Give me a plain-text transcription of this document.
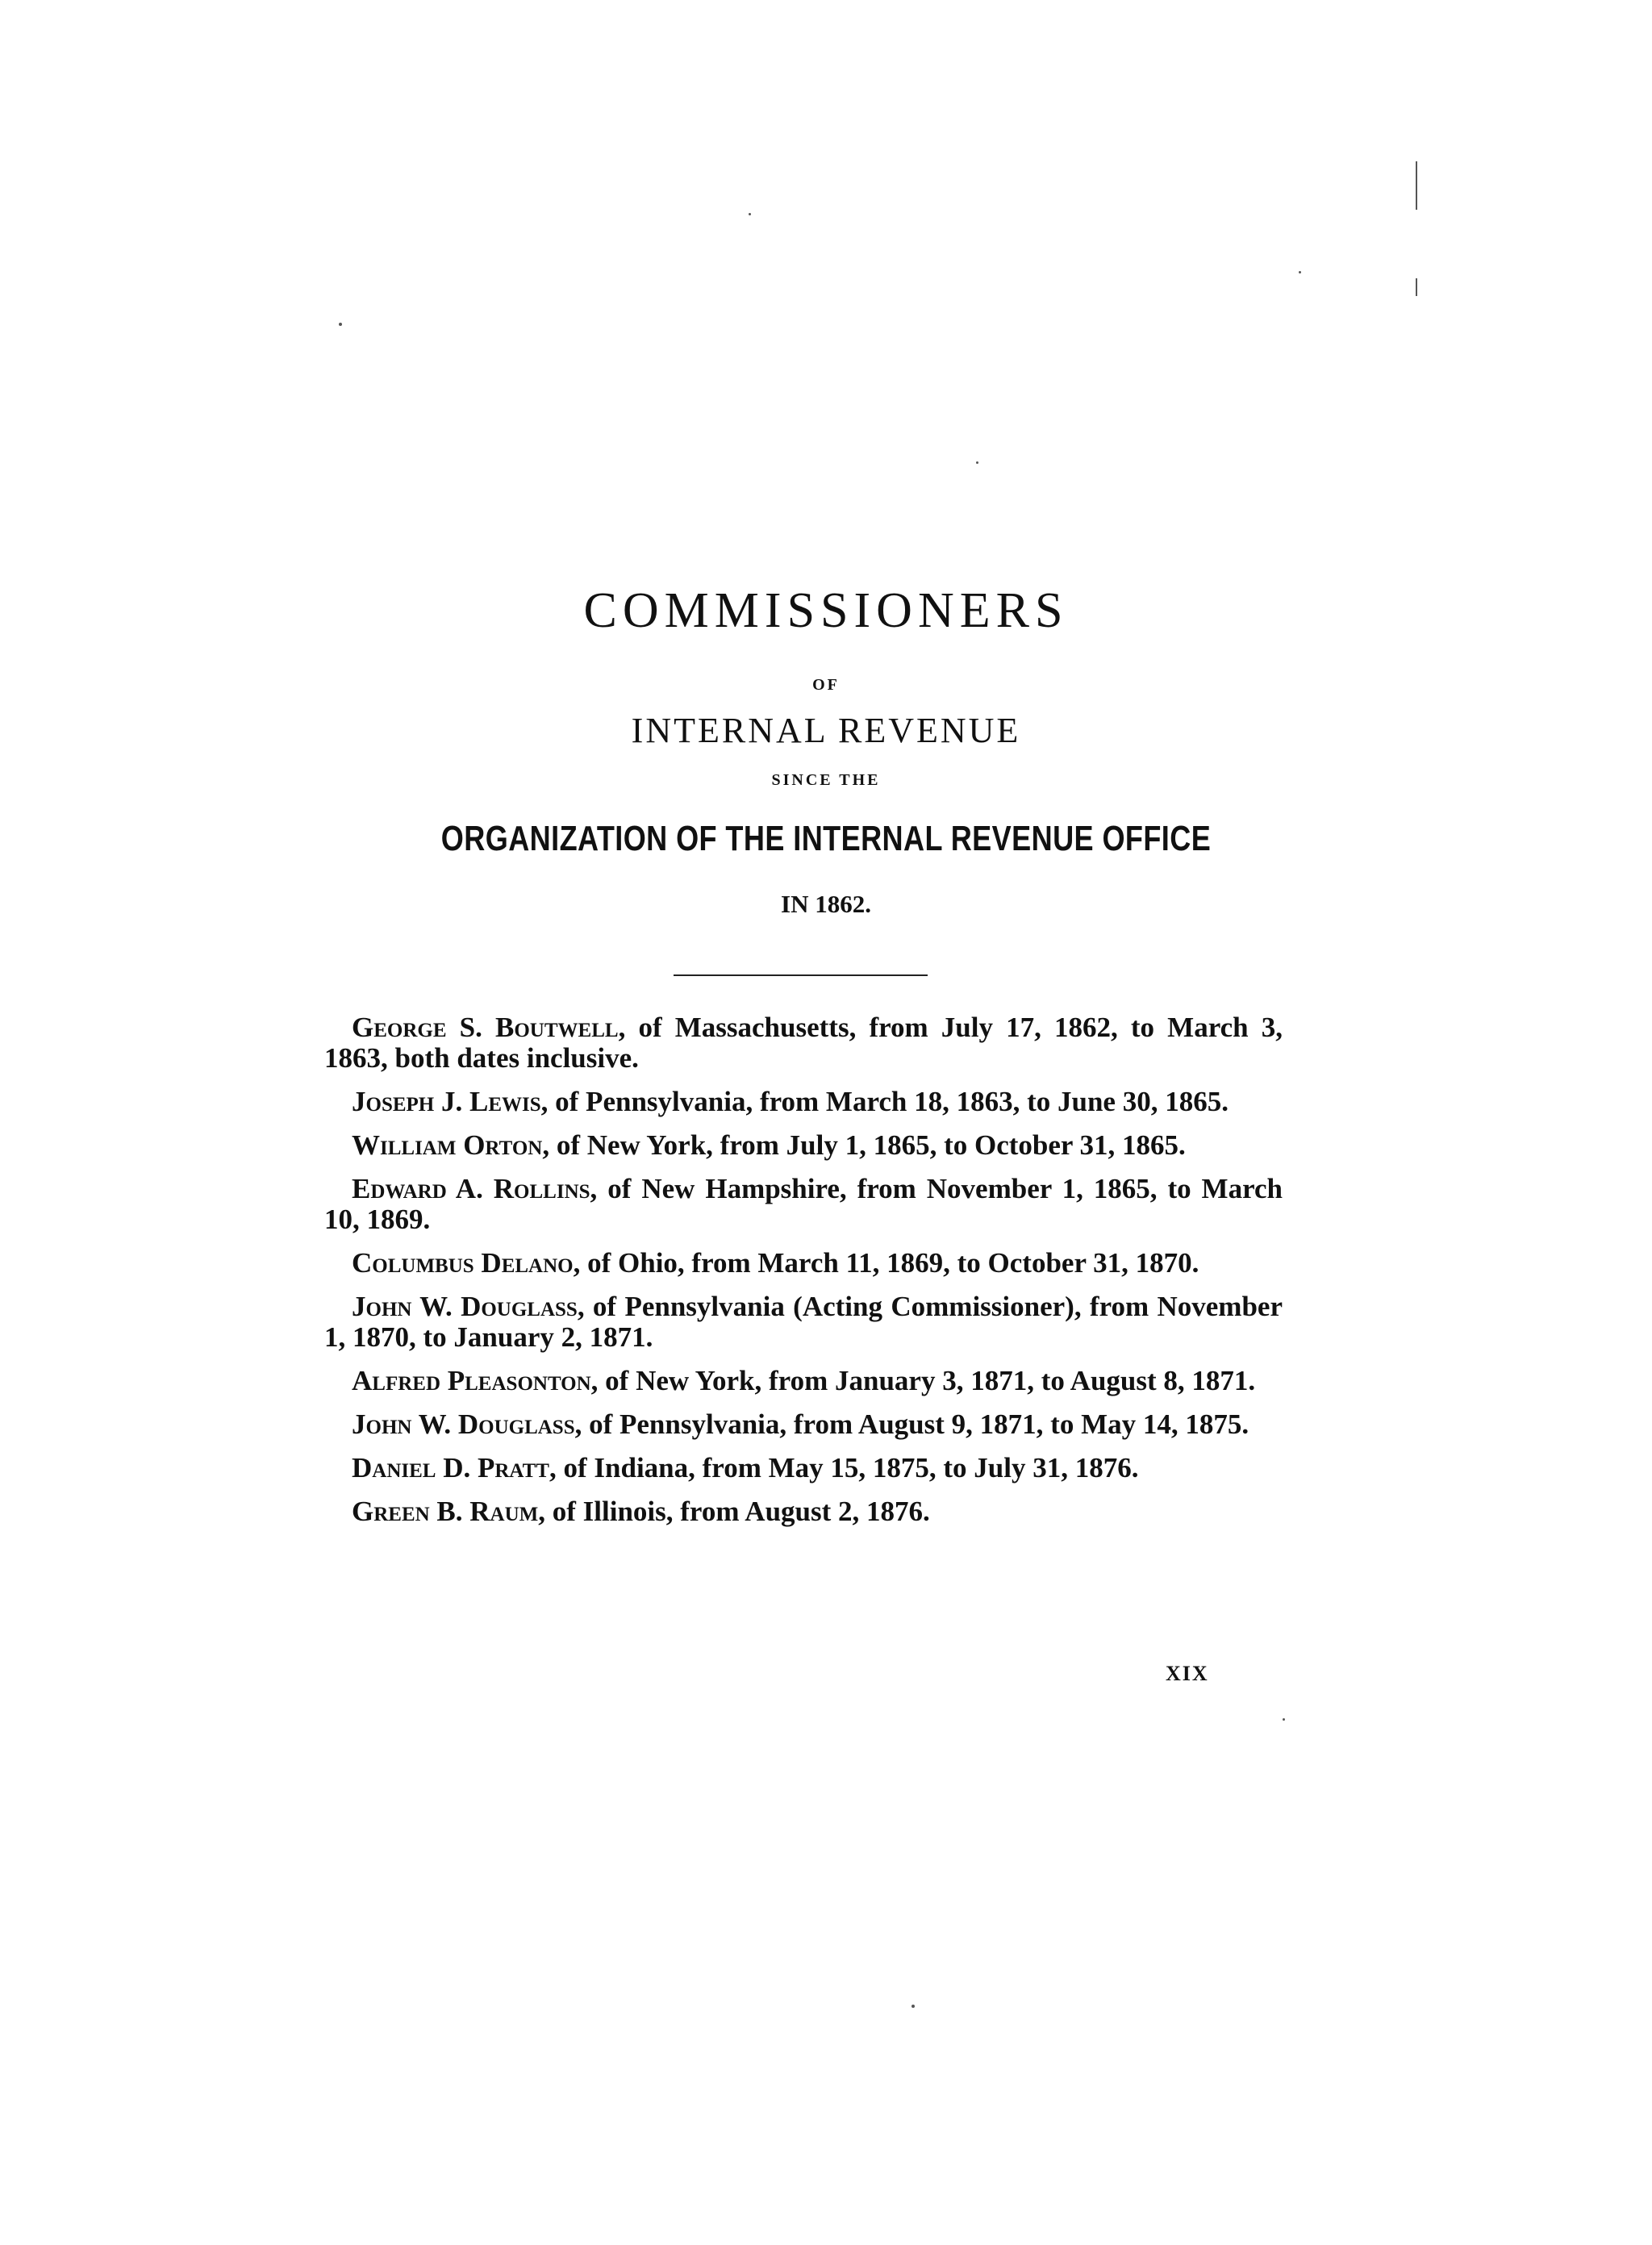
COMMISSIONERS
OF
INTERNAL REVENUE
SINCE THE
ORGANIZATION OF THE INTERNAL REVENUE OFFICE
IN 1862.

George S. Boutwell, of Massachusetts, from July 17, 1862, to March 3, 1863, both dates inclusive.

Joseph J. Lewis, of Pennsylvania, from March 18, 1863, to June 30, 1865.

William Orton, of New York, from July 1, 1865, to October 31, 1865.

Edward A. Rollins, of New Hampshire, from November 1, 1865, to March 10, 1869.

Columbus Delano, of Ohio, from March 11, 1869, to October 31, 1870.

John W. Douglass, of Pennsylvania (Acting Commissioner), from November 1, 1870, to January 2, 1871.

Alfred Pleasonton, of New York, from January 3, 1871, to August 8, 1871.

John W. Douglass, of Pennsylvania, from August 9, 1871, to May 14, 1875.

Daniel D. Pratt, of Indiana, from May 15, 1875, to July 31, 1876.

Green B. Raum, of Illinois, from August 2, 1876.

XIX
